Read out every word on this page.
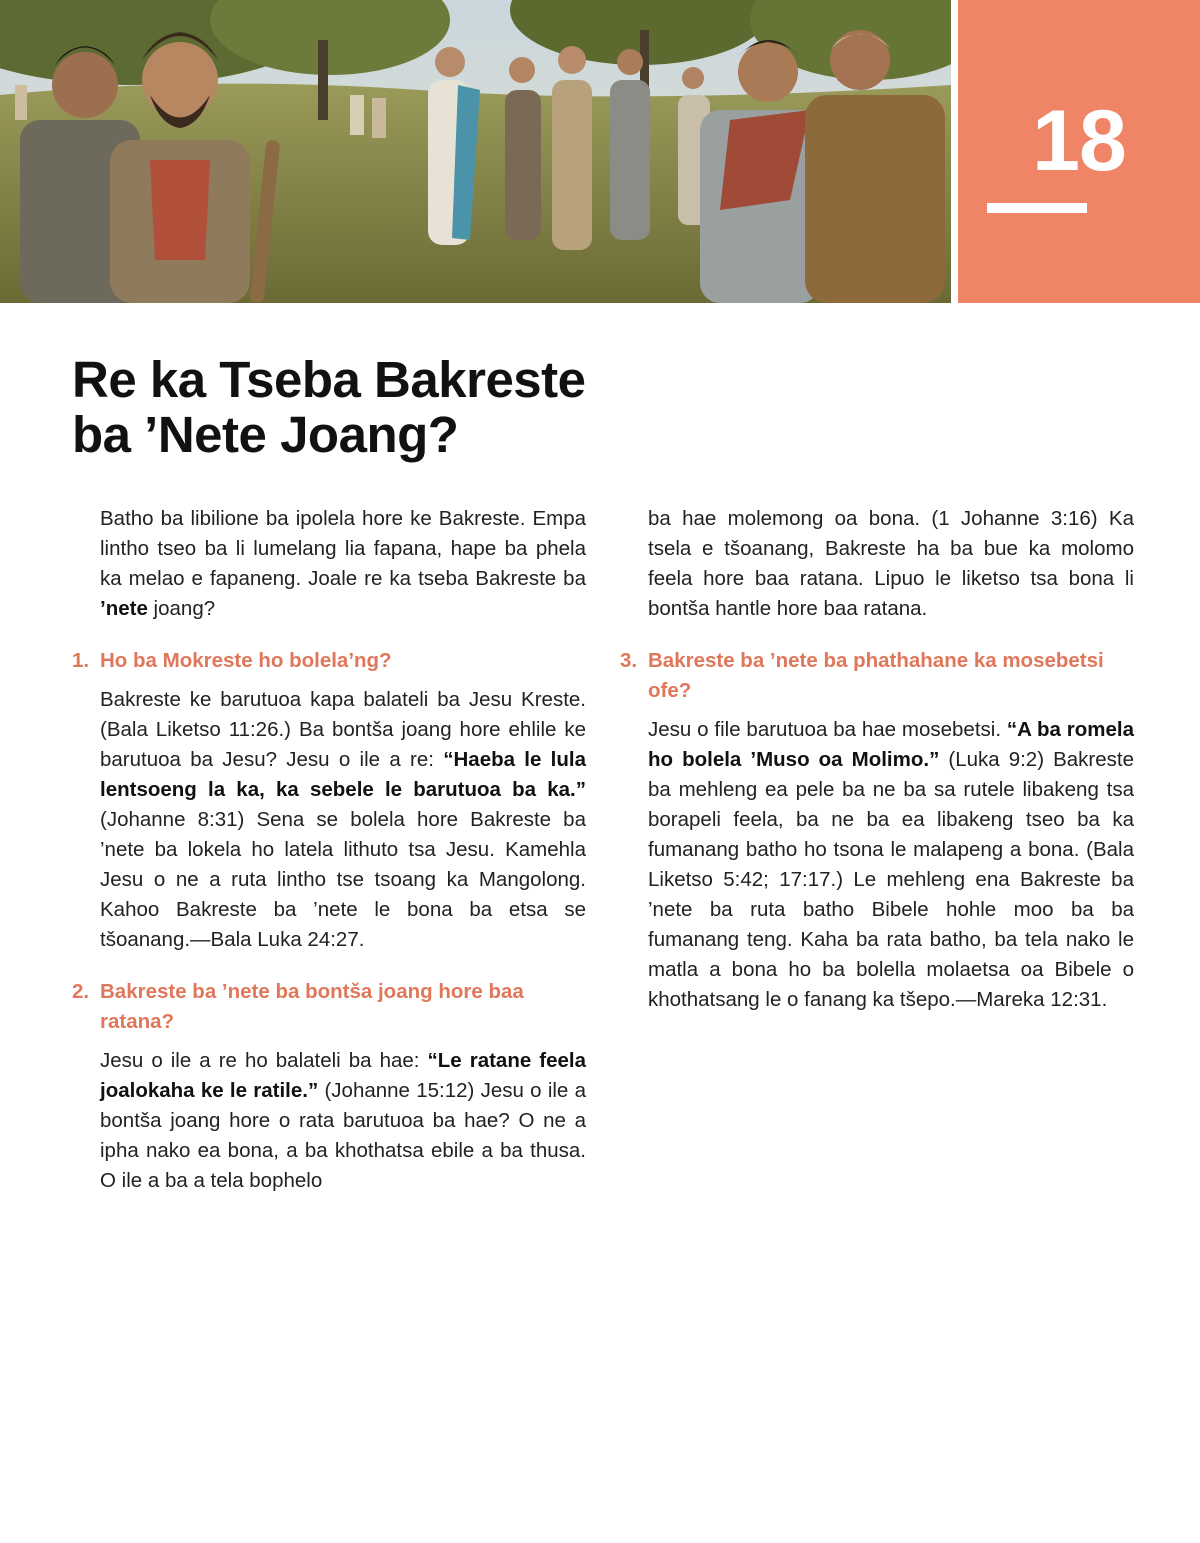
18
Re ka Tseba Bakreste
ba ’Nete Joang?

Batho ba libilione ba ipolela hore ke Bakreste. Empa lintho tseo ba li lumelang lia fapana, hape ba phela ka melao e fapaneng. Joale re ka tseba Bakreste ba ’nete joang?

1. Ho ba Mokreste ho bolela’ng?

Bakreste ke barutuoa kapa balateli ba Jesu Kreste. (Bala Liketso 11:26.) Ba bontša joang hore ehlile ke barutuoa ba Jesu? Jesu o ile a re: “Haeba le lula lentsoeng la ka, ka sebele le barutuoa ba ka.” (Johanne 8:31) Sena se bolela hore Bakreste ba ’nete ba lokela ho latela lithuto tsa Jesu. Kamehla Jesu o ne a ruta lintho tse tsoang ka Mangolong. Kahoo Bakreste ba ’nete le bona ba etsa se tšoanang.—Bala Luka 24:27.

2. Bakreste ba ’nete ba bontša joang hore baa ratana?

Jesu o ile a re ho balateli ba hae: “Le ratane feela joalokaha ke le ratile.” (Johanne 15:12) Jesu o ile a bontša joang hore o rata barutuoa ba hae? O ne a ipha nako ea bona, a ba khothatsa ebile a ba thusa. O ile a ba a tela bophelo

ba hae molemong oa bona. (1 Johanne 3:16) Ka tsela e tšoanang, Bakreste ha ba bue ka molomo feela hore baa ratana. Lipuo le liketso tsa bona li bontša hantle hore baa ratana.

3. Bakreste ba ’nete ba phathahane ka mosebetsi ofe?

Jesu o file barutuoa ba hae mosebetsi. “A ba romela ho bolela ’Muso oa Molimo.” (Luka 9:2) Bakreste ba mehleng ea pele ba ne ba sa rutele libakeng tsa borapeli feela, ba ne ba ea libakeng tseo ba ka fumanang batho ho tsona le malapeng a bona. (Bala Liketso 5:42; 17:17.) Le mehleng ena Bakreste ba ’nete ba ruta batho Bibele hohle moo ba ba fumanang teng. Kaha ba rata batho, ba tela nako le matla a bona ho ba bolella molaetsa oa Bibele o khothatsang le o fanang ka tšepo.—Mareka 12:31.
